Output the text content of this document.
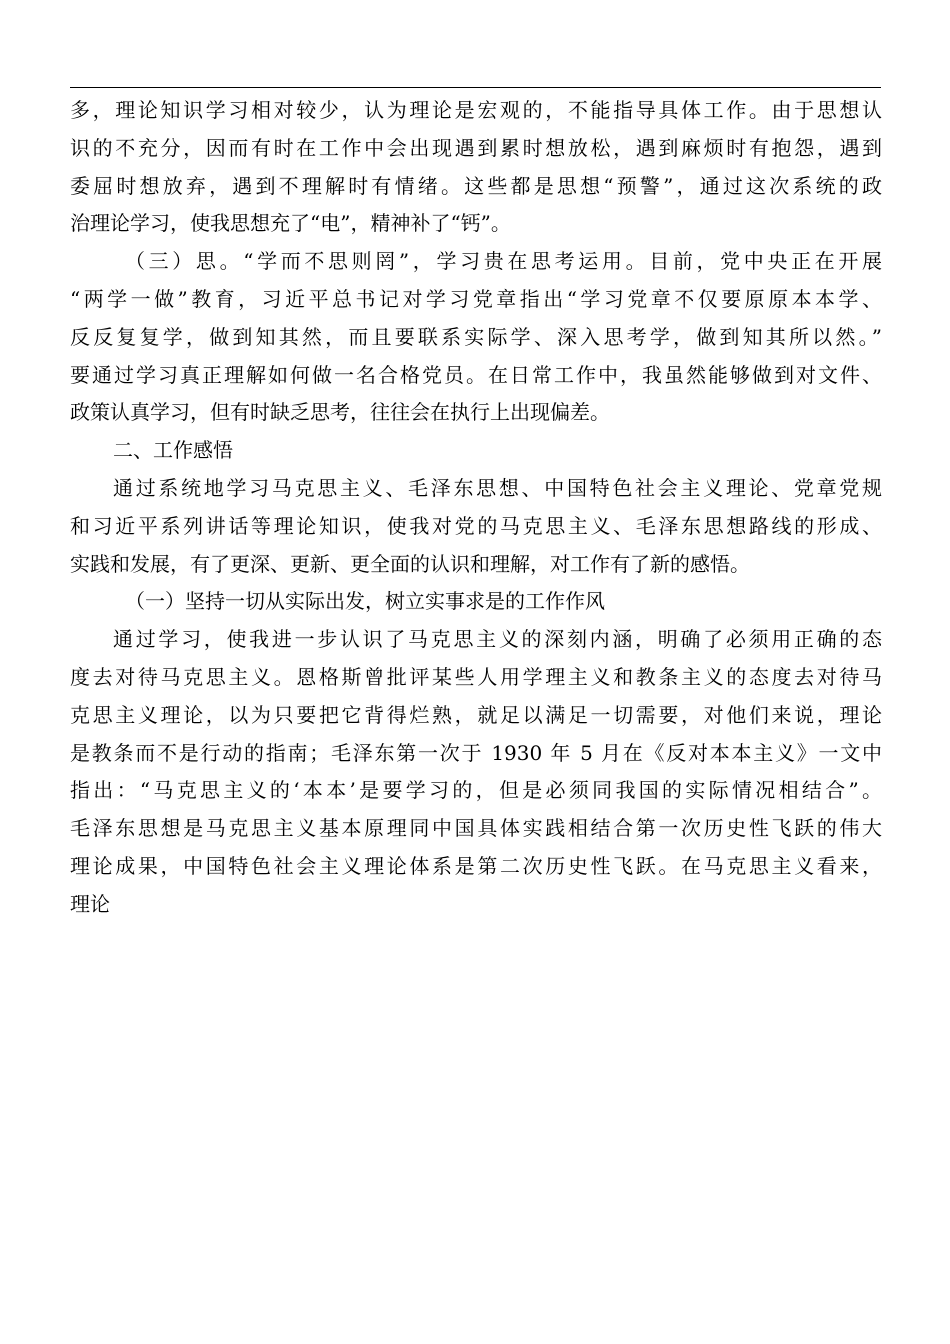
多，理论知识学习相对较少，认为理论是宏观的，不能指导具体工作。由于思想认
识的不充分，因而有时在工作中会出现遇到累时想放松，遇到麻烦时有抱怨，遇到
委屈时想放弃，遇到不理解时有情绪。这些都是思想“预警”，通过这次系统的政
治理论学习，使我思想充了“电”，精神补了“钙”。
（三）思。“学而不思则罔”，学习贵在思考运用。目前，党中央正在开展
“两学一做”教育，习近平总书记对学习党章指出“学习党章不仅要原原本本学、
反反复复学，做到知其然，而且要联系实际学、深入思考学，做到知其所以然。”
要通过学习真正理解如何做一名合格党员。在日常工作中，我虽然能够做到对文件、
政策认真学习，但有时缺乏思考，往往会在执行上出现偏差。
二、工作感悟
通过系统地学习马克思主义、毛泽东思想、中国特色社会主义理论、党章党规
和习近平系列讲话等理论知识，使我对党的马克思主义、毛泽东思想路线的形成、
实践和发展，有了更深、更新、更全面的认识和理解，对工作有了新的感悟。
（一）坚持一切从实际出发，树立实事求是的工作作风
通过学习，使我进一步认识了马克思主义的深刻内涵，明确了必须用正确的态
度去对待马克思主义。恩格斯曾批评某些人用学理主义和教条主义的态度去对待马
克思主义理论，以为只要把它背得烂熟，就足以满足一切需要，对他们来说，理论
是教条而不是行动的指南；毛泽东第一次于 1930 年 5 月在《反对本本主义》一文中
指出：“马克思主义的‘本本’是要学习的，但是必须同我国的实际情况相结合”。
毛泽东思想是马克思主义基本原理同中国具体实践相结合第一次历史性飞跃的伟大
理论成果，中国特色社会主义理论体系是第二次历史性飞跃。在马克思主义看来，
理论
